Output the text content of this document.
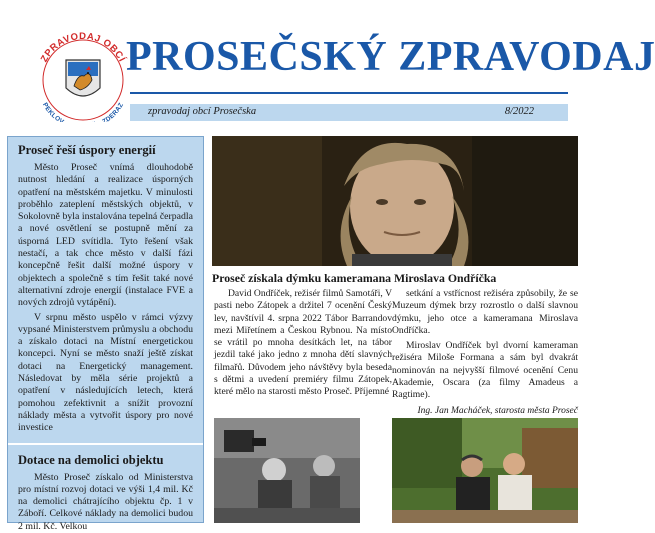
ZPRAVODAJ OBCÍ
PEKLOV ZDERAZ
PROSEČSKÝ ZPRAVODAJ
zpravodaj obcí Prosečska	8/2022
Proseč řeší úspory energií

Město Proseč vnímá dlouhodobě nutnost hledání a realizace úsporných opatření na městském majetku. V minulosti proběhlo zateplení městských objektů, v Sokolovně byla instalována tepelná čerpadla a nové osvětlení se postupně mění za úsporná LED svítidla. Tyto řešení však nestačí, a tak chce město v další fázi koncepčně řešit další možné úspory v objektech a společně s tím řešit také nové alternativní zdroje energií (instalace FVE a nových zdrojů vytápění).

V srpnu město uspělo v rámci výzvy vypsané Ministerstvem průmyslu a obchodu a získalo dotaci na Místní energetickou koncepci. Nyní se město snaží ještě získat dotaci na Energetický management. Následovat by měla série projektů a opatření v následujících letech, která pomohou zefektivnit a snížit provozní náklady města a vytvořit úspory pro nové investice

Dotace na demolici objektu

Město Proseč získalo od Ministerstva pro místní rozvoj dotaci ve výši 1,4 mil. Kč na demolici chátrajícího objektu čp. 1 v Záboří. Celkové náklady na demolici budou 2 mil. Kč. Velkou

Proseč získala dýmku kameramana Miroslava Ondříčka

David Ondříček, režisér filmů Samotáři, V pasti nebo Zátopek a držitel 7 ocenění Český lev, navštívil 4. srpna 2022 Tábor Barrandov mezi Miřetínem a Českou Rybnou. Na místo se vrátil po mnoha desítkách let, na tábor jezdil také jako jedno z mnoha dětí slavných filmařů. Důvodem jeho návštěvy byla beseda s dětmi a uvedení premiéry filmu Zátopek, které mělo na starosti město Proseč. Příjemné

setkání a vstřícnost režiséra způsobily, že se Muzeum dýmek brzy rozrostlo o další slavnou dýmku, jeho otce a kameramana Miroslava Ondříčka.

Miroslav Ondříček byl dvorní kameraman režiséra Miloše Formana a sám byl dvakrát nominován na nejvyšší filmové ocenění Cenu Akademie, Oscara (za filmy Amadeus a Ragtime).

Ing. Jan Macháček, starosta města Proseč
